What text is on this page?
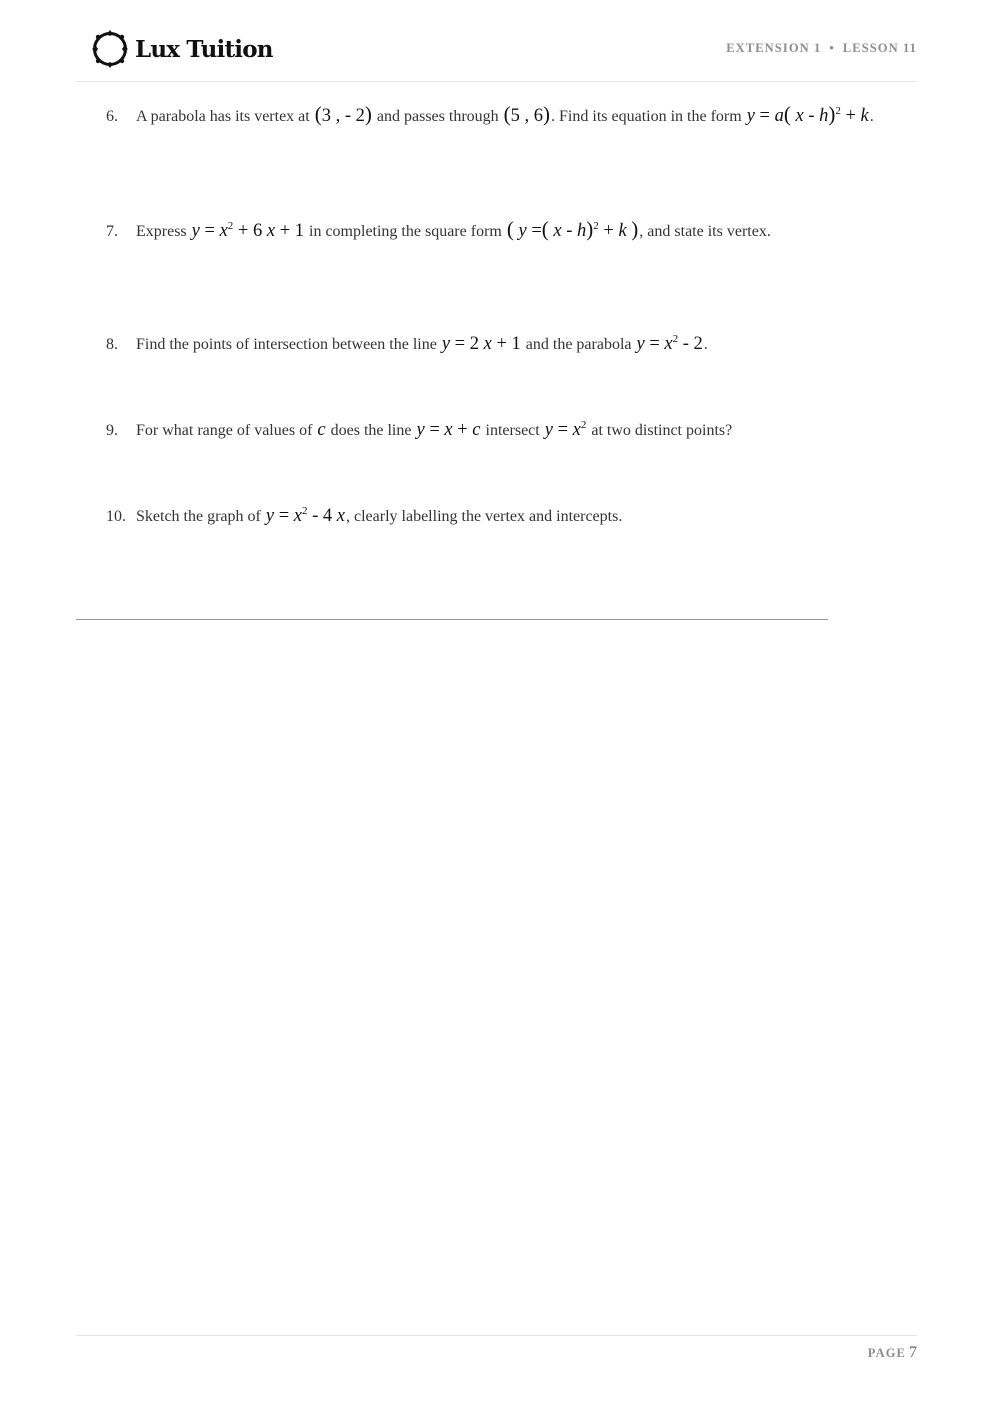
Lux Tuition	EXTENSION 1 • LESSON 11
6. A parabola has its vertex at (3 , - 2) and passes through (5 , 6). Find its equation in the form y = a( x - h)$^2$ + k.
7. Express $y = x^2 + 6$ x + 1 in completing the square form ( y =( x - h)$^2$ + k ), and state its vertex.
8. Find the points of intersection between the line y = 2 x + 1 and the parabola $y = x^2 - 2$.
9. For what range of values of c does the line y = x + c intersect $y = x^2$ at two distinct points?
10. Sketch the graph of $y = x^2 - 4$ x, clearly labelling the vertex and intercepts.
PAGE 7
